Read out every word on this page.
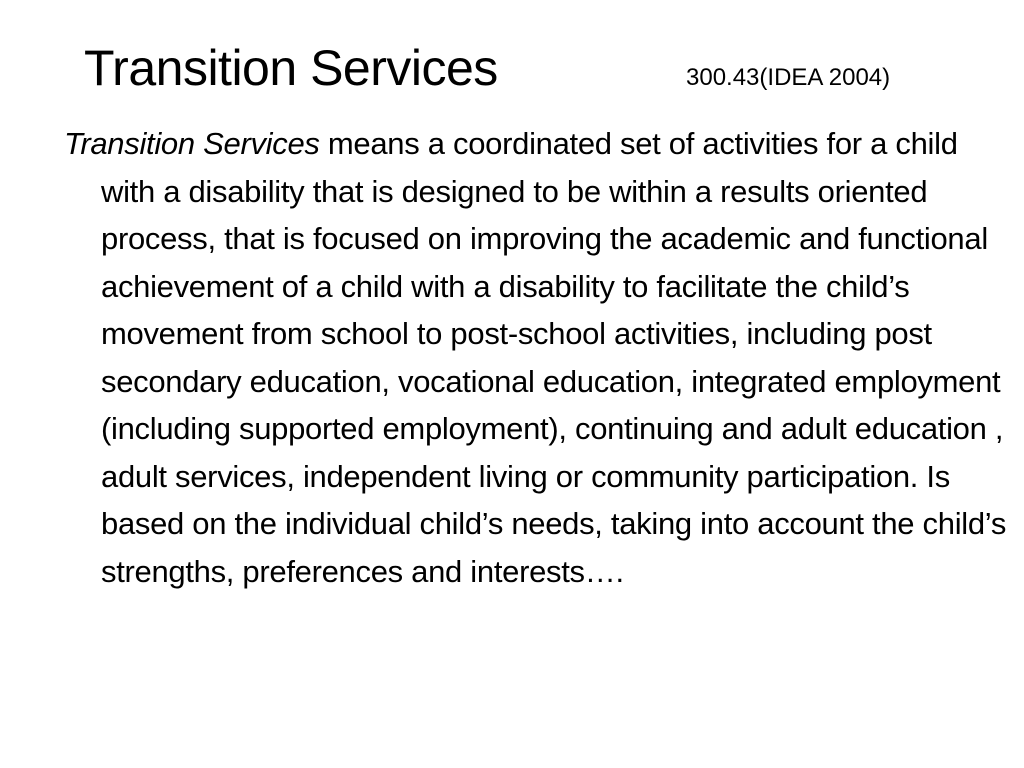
Transition Services	300.43(IDEA 2004)

Transition Services means a coordinated set of activities for a child with a disability that is designed to be within a results oriented process, that is focused on improving the academic and functional achievement of a child with a disability to facilitate the child’s movement from school to post-school activities, including post secondary education, vocational education, integrated employment (including supported employment), continuing and adult education , adult services, independent living or community participation. Is based on the individual child’s needs, taking into account the child’s strengths, preferences and interests….
